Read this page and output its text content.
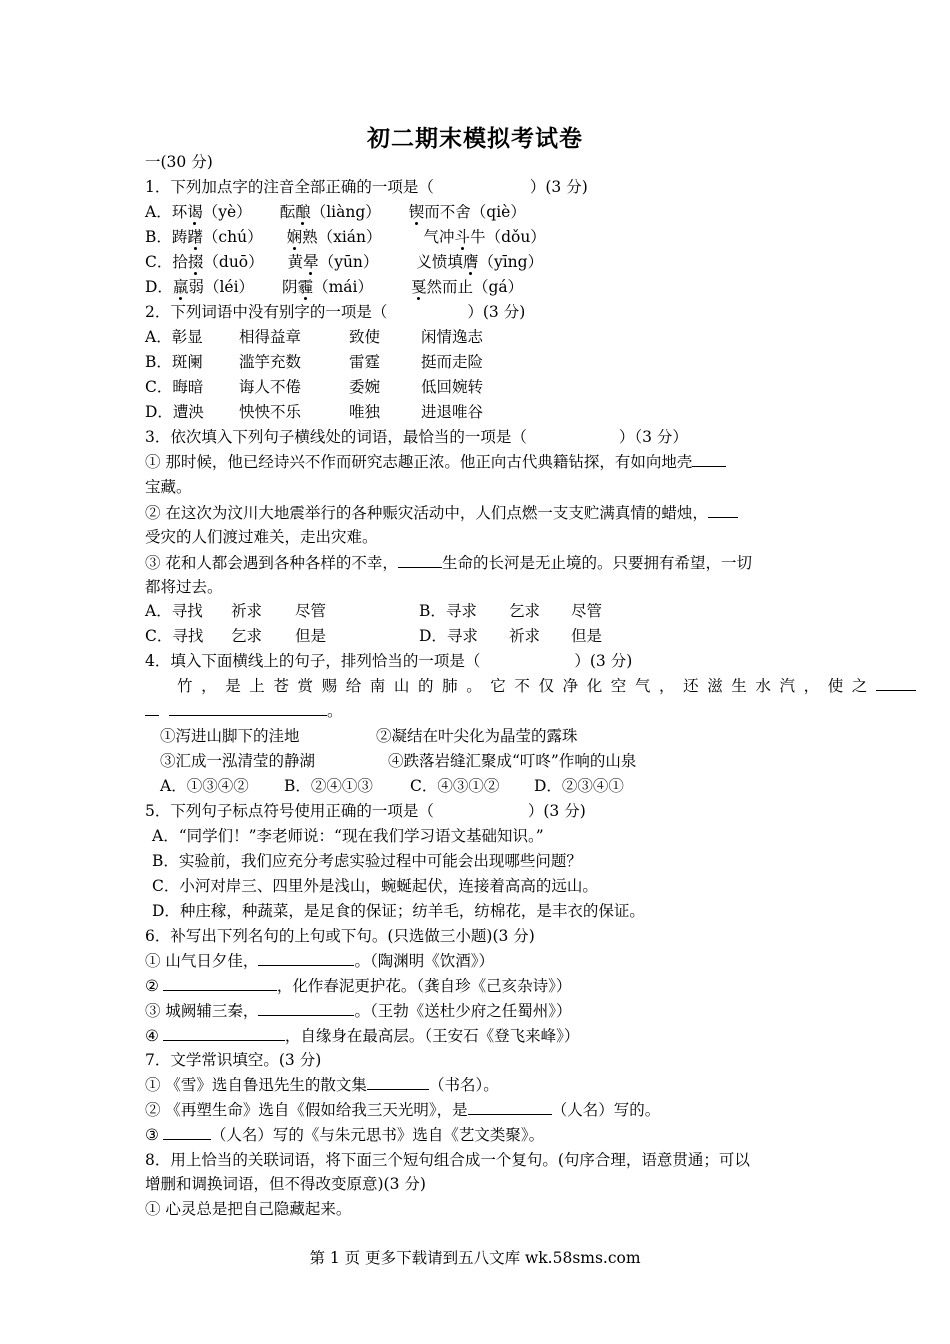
初二期末模拟考试卷
一(30 分)
1．下列加点字的注音全部正确的一项是（	）(3 分)
A．环谒（yè） 酝酿（liàng） 锲而不舍（qiè）
B．踌躇（chú） 娴熟（xián）	气冲斗牛（dǒu）
C．拾掇（duō） 黄晕（yūn） 义愤填膺（yīng）
D．羸弱（léi） 阴霾（mái） 戛然而止（gá）
2．下列词语中没有别字的一项是（	）(3 分)
A．彰显 相得益章	致使	闲情逸志
B．斑阑 滥竽充数	雷霆	挺而走险
C．晦暗 诲人不倦	委婉	低回婉转
D．遭泱 怏怏不乐	唯独	进退唯谷
3．依次填入下列句子横线处的词语，最恰当的一项是（	）（3 分）
① 那时候，他已经诗兴不作而研究志趣正浓。他正向古代典籍钻探，有如向地壳
宝藏。
② 在这次为汶川大地震举行的各种赈灾活动中，人们点燃一支支贮满真情的蜡烛，
受灾的人们渡过难关，走出灾难。
③ 花和人都会遇到各种各样的不幸，	生命的长河是无止境的。只要拥有希望，一切
都将过去。
A．寻找 祈求 尽管	B．寻求 乞求 尽管
C．寻找 乞求 但是	D．寻求 祈求 但是
4．填入下面横线上的句子，排列恰当的一项是（	）(3 分)
竹，是上苍赏赐给南山的肺。它不仅净化空气，还滋生水汽，使之
。
①泻进山脚下的洼地	②凝结在叶尖化为晶莹的露珠
③汇成一泓清莹的静湖	④跌落岩缝汇聚成“叮咚”作响的山泉
A．①③④② B．②④①③ C．④③①② D．②③④①
5．下列句子标点符号使用正确的一项是（	）(3 分)
A．“同学们！”李老师说：“现在我们学习语文基础知识。”
B．实验前，我们应充分考虑实验过程中可能会出现哪些问题？
C．小河对岸三、四里外是浅山，蜿蜒起伏，连接着高高的远山。
D．种庄稼，种蔬菜，是足食的保证；纺羊毛，纺棉花，是丰衣的保证。
6．补写出下列名句的上句或下句。(只选做三小题)(3 分)
① 山气日夕佳，	。（陶渊明《饮酒》）
②	，化作春泥更护花。（龚自珍《己亥杂诗》）
③ 城阙辅三秦，	。（王勃《送杜少府之任蜀州》）
④	，自缘身在最高层。（王安石《登飞来峰》）
7．文学常识填空。(3 分)
① 《雪》选自鲁迅先生的散文集	（书名）。
② 《再塑生命》选自《假如给我三天光明》，是	（人名）写的。
③	（人名）写的《与朱元思书》选自《艺文类聚》。
8．用上恰当的关联词语，将下面三个短句组合成一个复句。(句序合理，语意贯通；可以
增删和调换词语，但不得改变原意)(3 分)
① 心灵总是把自己隐藏起来。
第 1 页 更多下载请到五八文库 wk.58sms.com
